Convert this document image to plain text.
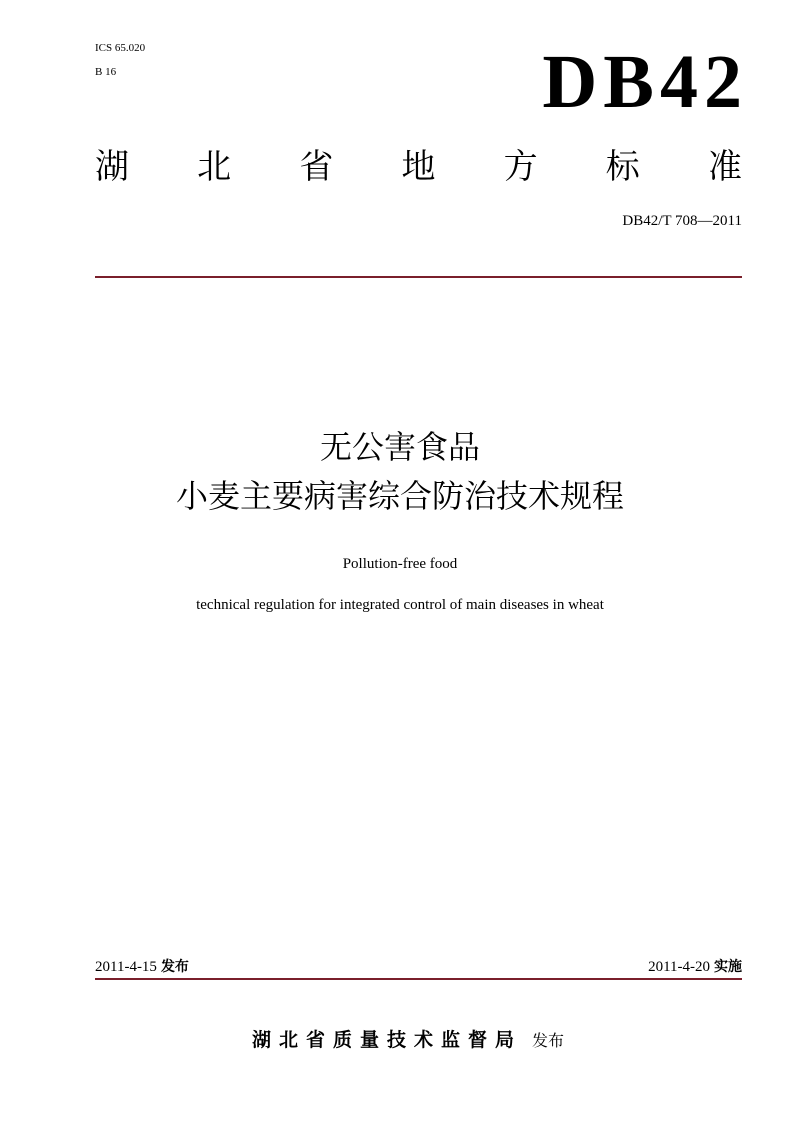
ICS 65.020
B 16	DB42
湖 北 省 地 方 标 准
DB42/T 708—2011
无公害食品
小麦主要病害综合防治技术规程
Pollution-free food
technical regulation for integrated control of main diseases in wheat
2011-4-15 发布	2011-4-20 实施
湖北省质量技术监督局 发布
